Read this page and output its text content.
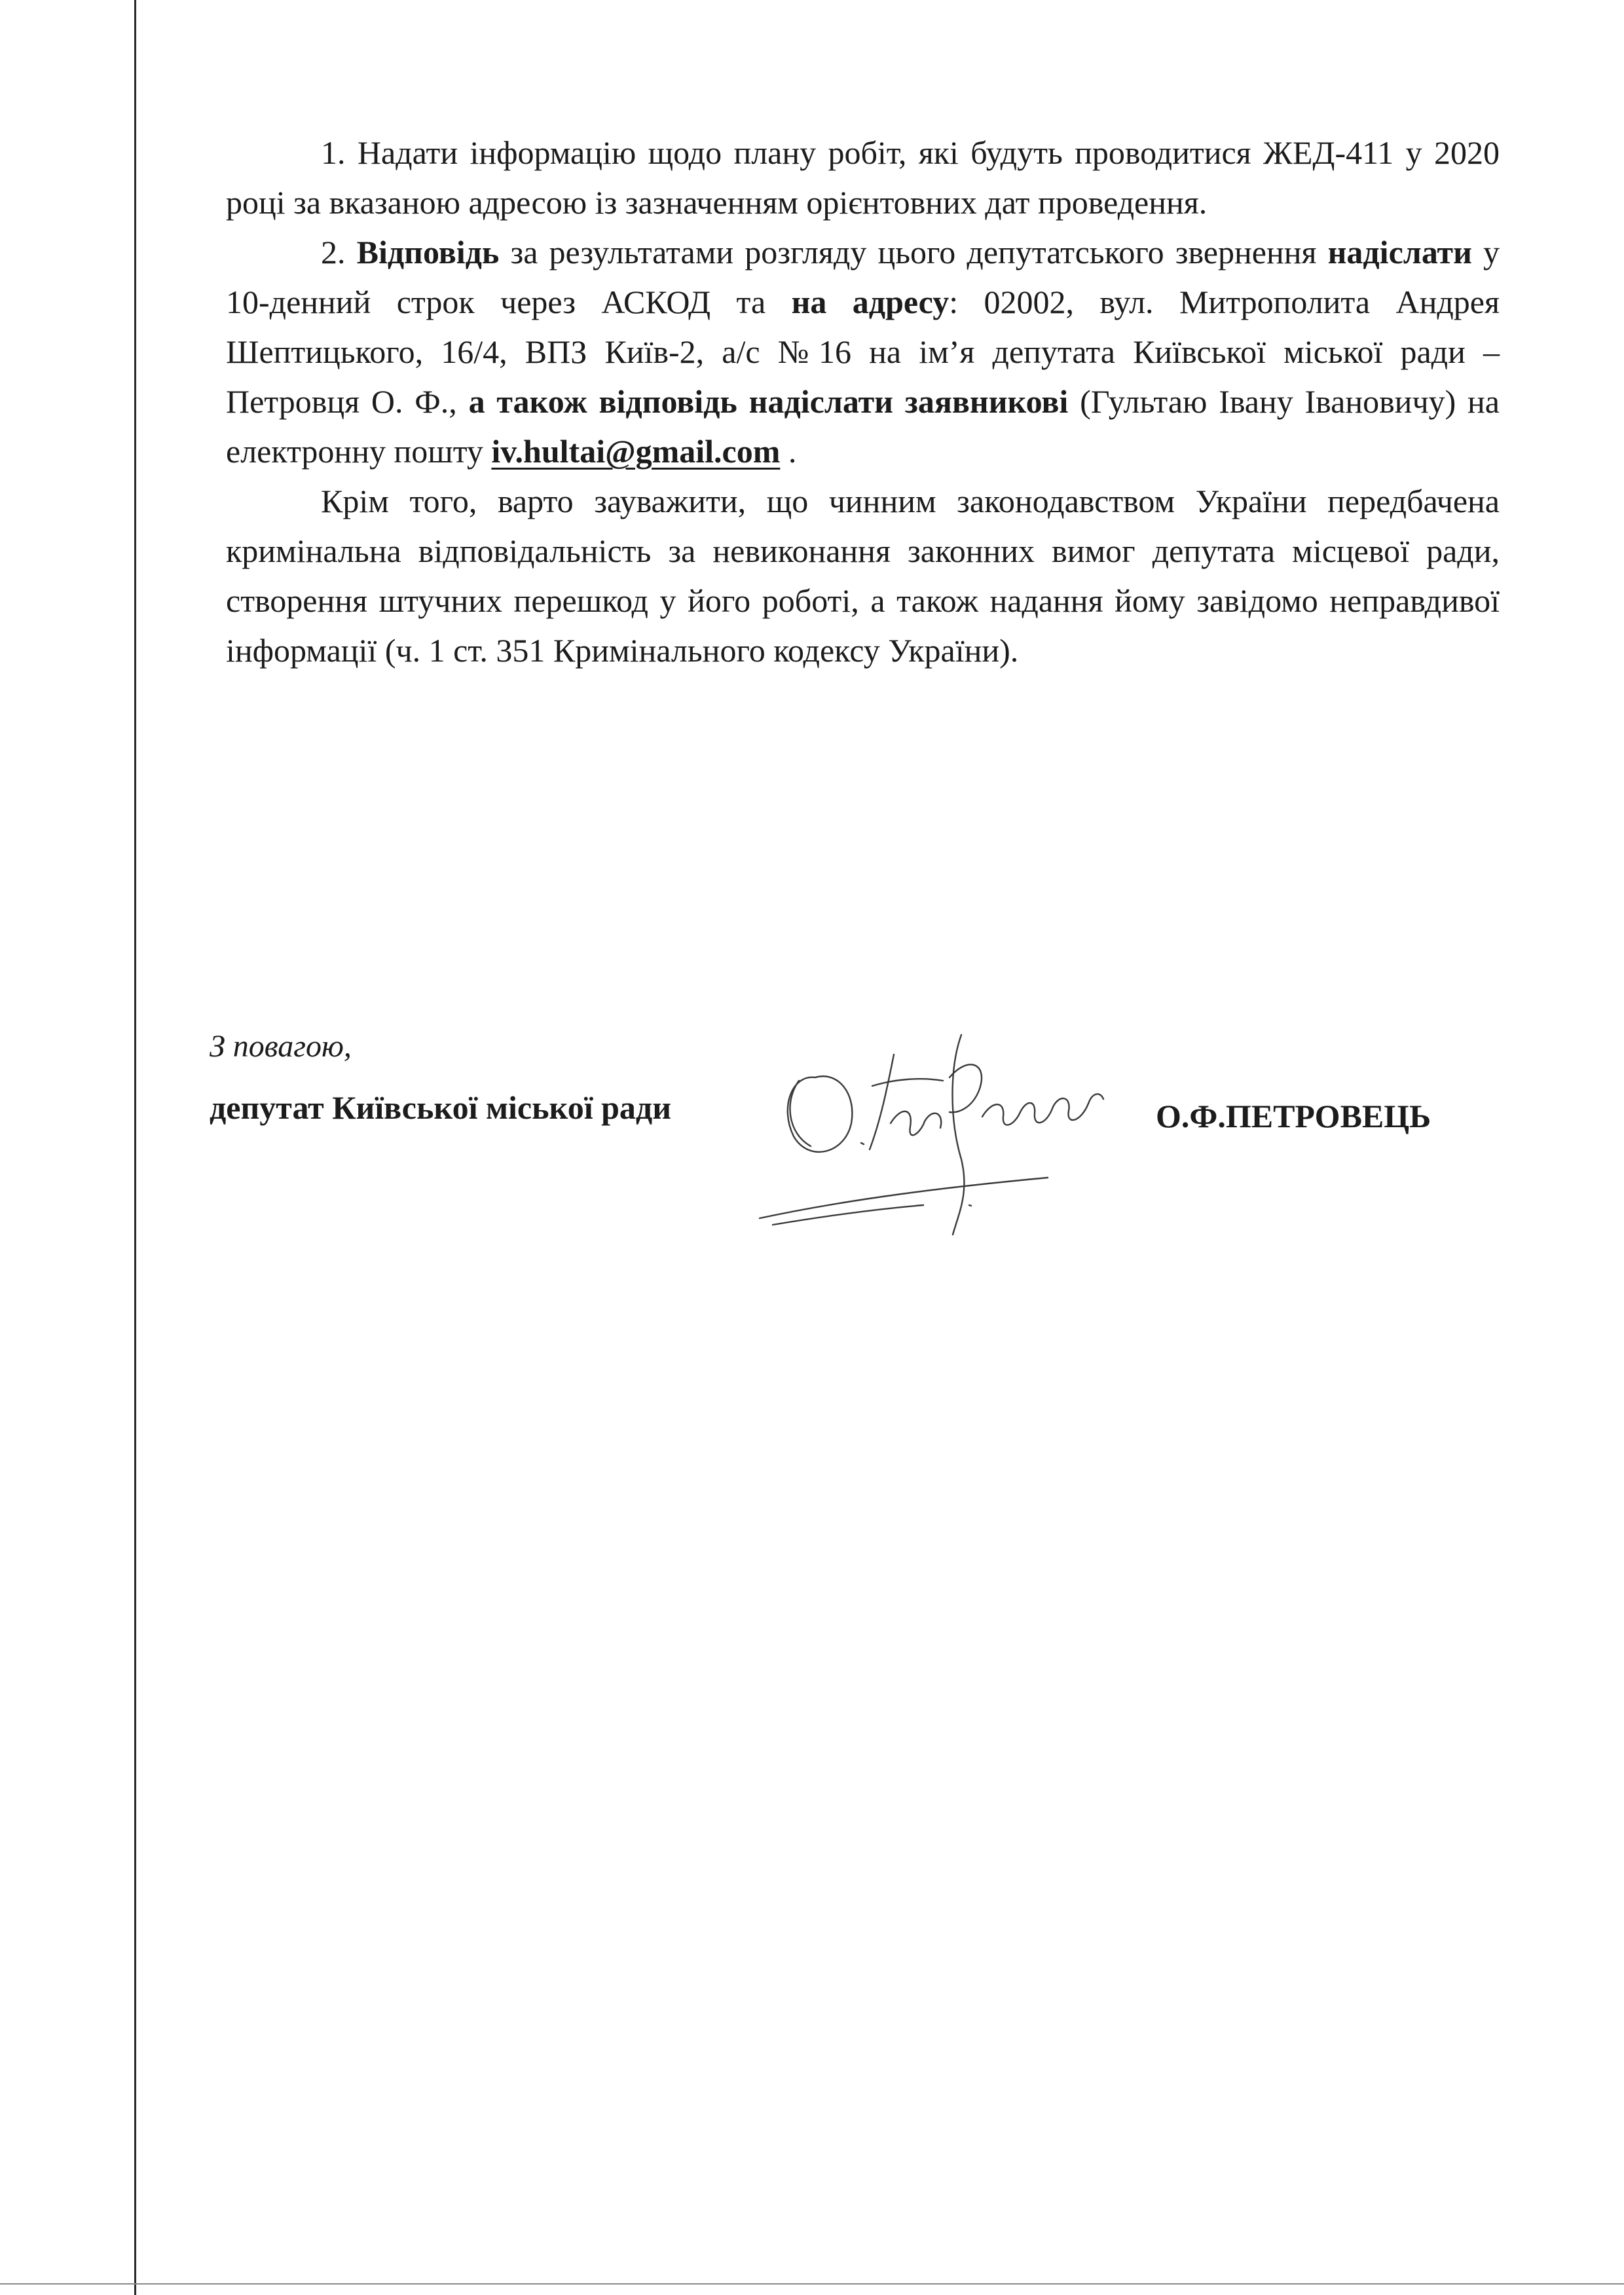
1. Надати інформацію щодо плану робіт, які будуть проводитися ЖЕД-411 у 2020 році за вказаною адресою із зазначенням орієнтовних дат проведення.

2. Відповідь за результатами розгляду цього депутатського звернення надіслати у 10-денний строк через АСКОД та на адресу: 02002, вул. Митрополита Андрея Шептицького, 16/4, ВПЗ Київ-2, а/с №16 на ім’я депутата Київської міської ради – Петровця О. Ф., а також відповідь надіслати заявникові (Гультаю Івану Івановичу) на електронну пошту iv.hultai@gmail.com .

Крім того, варто зауважити, що чинним законодавством України передбачена кримінальна відповідальність за невиконання законних вимог депутата місцевої ради, створення штучних перешкод у його роботі, а також надання йому завідомо неправдивої інформації (ч. 1 ст. 351 Кримінального кодексу України).

З повагою,
депутат Київської міської ради	О.Ф.ПЕТРОВЕЦЬ
